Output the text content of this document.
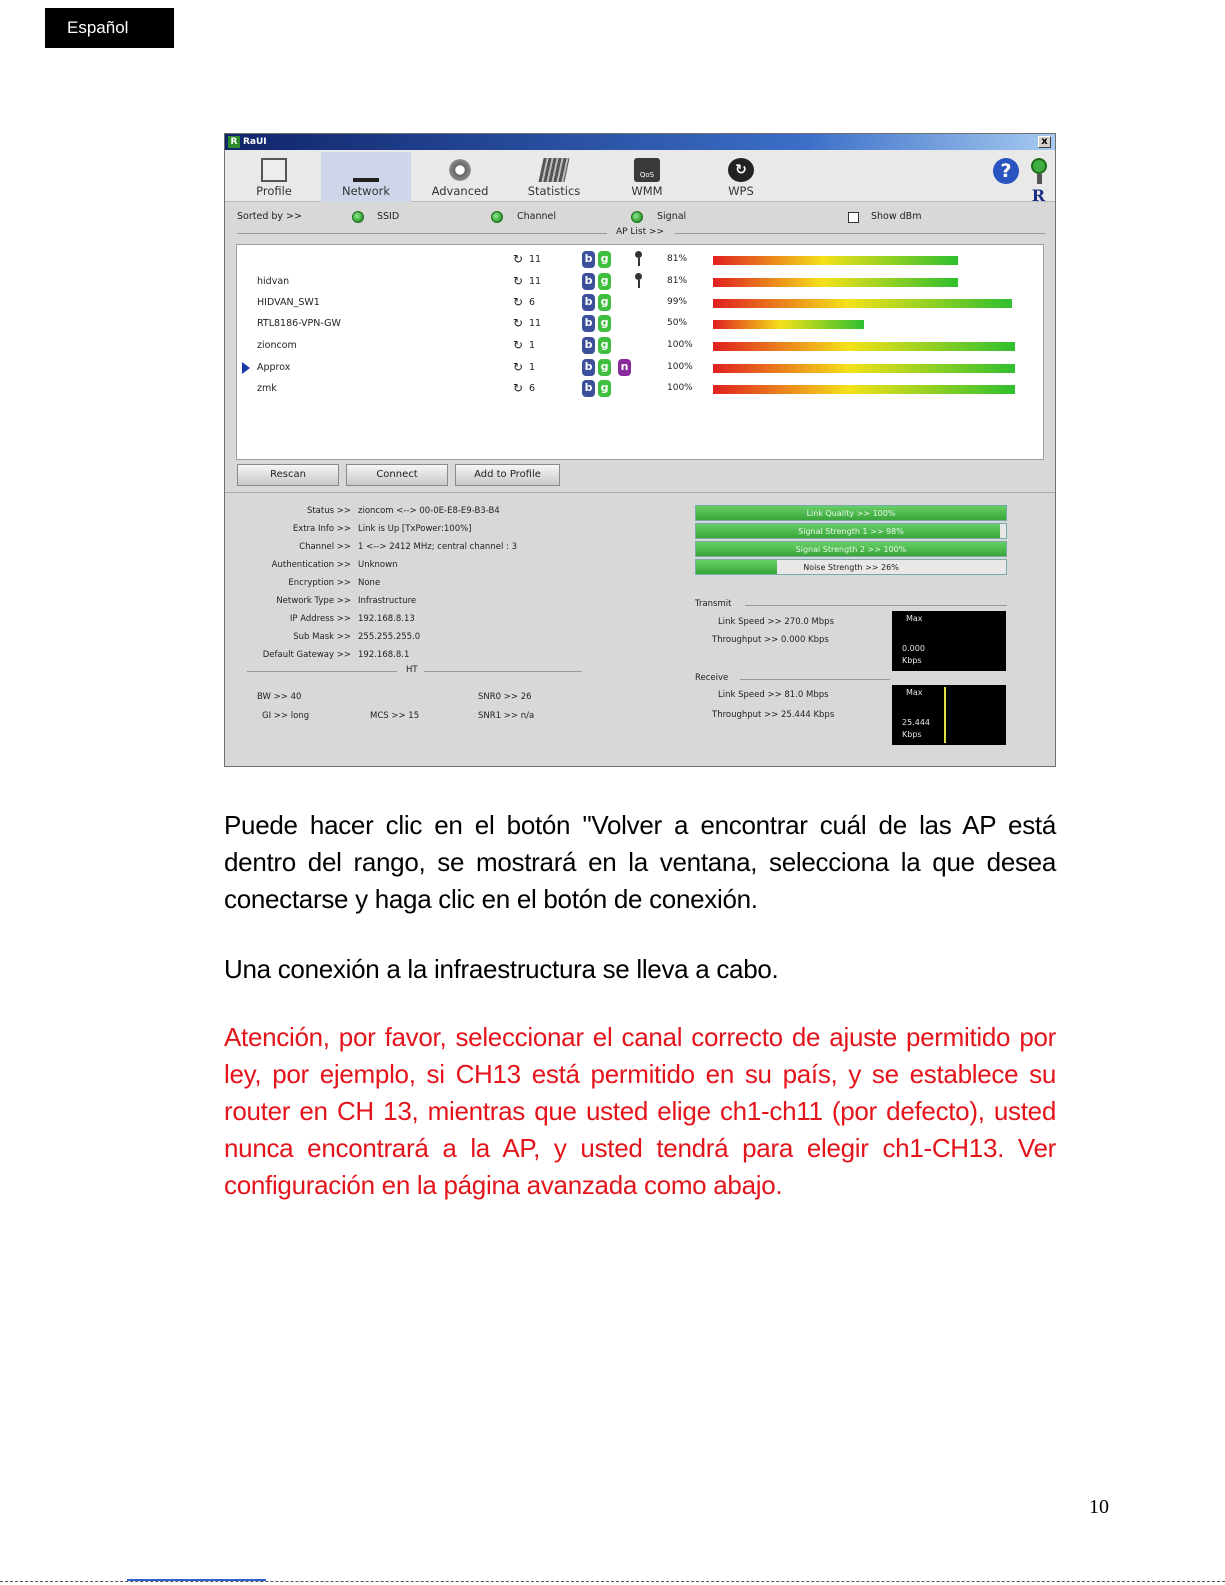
Español
R RaUI	x
Profile	Network	Advanced	Statistics
QoS
WMM
↻
WPS
?
R
Sorted by >>	SSID	Channel	Signal	Show dBm
AP List >>
↻ 11	b g	81%
hidvan	↻ 11	b g	81%
HIDVAN_SW1	↻ 6	b g	99%
RTL8186-VPN-GW	↻ 11	b g	50%
zioncom	↻ 1	b g	100%
Approx	↻ 1	b g n	100%
zmk	↻ 6	b g	100%
Rescan	Connect	Add to Profile
Status >> zioncom <--> 00-0E-E8-E9-B3-B4
Extra Info >> Link is Up [TxPower:100%]
Channel >> 1 <--> 2412 MHz; central channel : 3
Authentication >> Unknown
Encryption >> None
Network Type >> Infrastructure
IP Address >> 192.168.8.13
Sub Mask >> 255.255.255.0
Default Gateway >> 192.168.8.1
HT
BW >> 40
GI >> long	MCS >> 15
SNR0 >> 26
SNR1 >> n/a
Link Quality >> 100%
Signal Strength 1 >> 98%
Signal Strength 2 >> 100%
Noise Strength >> 26%
Transmit
Link Speed >> 270.0 Mbps
Throughput >> 0.000 Kbps
Max
0.000
Kbps
Receive
Link Speed >> 81.0 Mbps
Throughput >> 25.444 Kbps
Max
25.444
Kbps

Puede hacer clic en el botón "Volver a encontrar cuál de las AP está dentro del rango, se mostrará en la ventana, selecciona la que desea conectarse y haga clic en el botón de conexión.

Una conexión a la infraestructura se lleva a cabo.

Atención, por favor, seleccionar el canal correcto de ajuste permitido por ley, por ejemplo, si CH13 está permitido en su país, y se establece su router en CH 13, mientras que usted elige ch1-ch11 (por defecto), usted nunca encontrará a la AP, y usted tendrá para elegir ch1-CH13. Ver configuración en la página avanzada como abajo.

10
